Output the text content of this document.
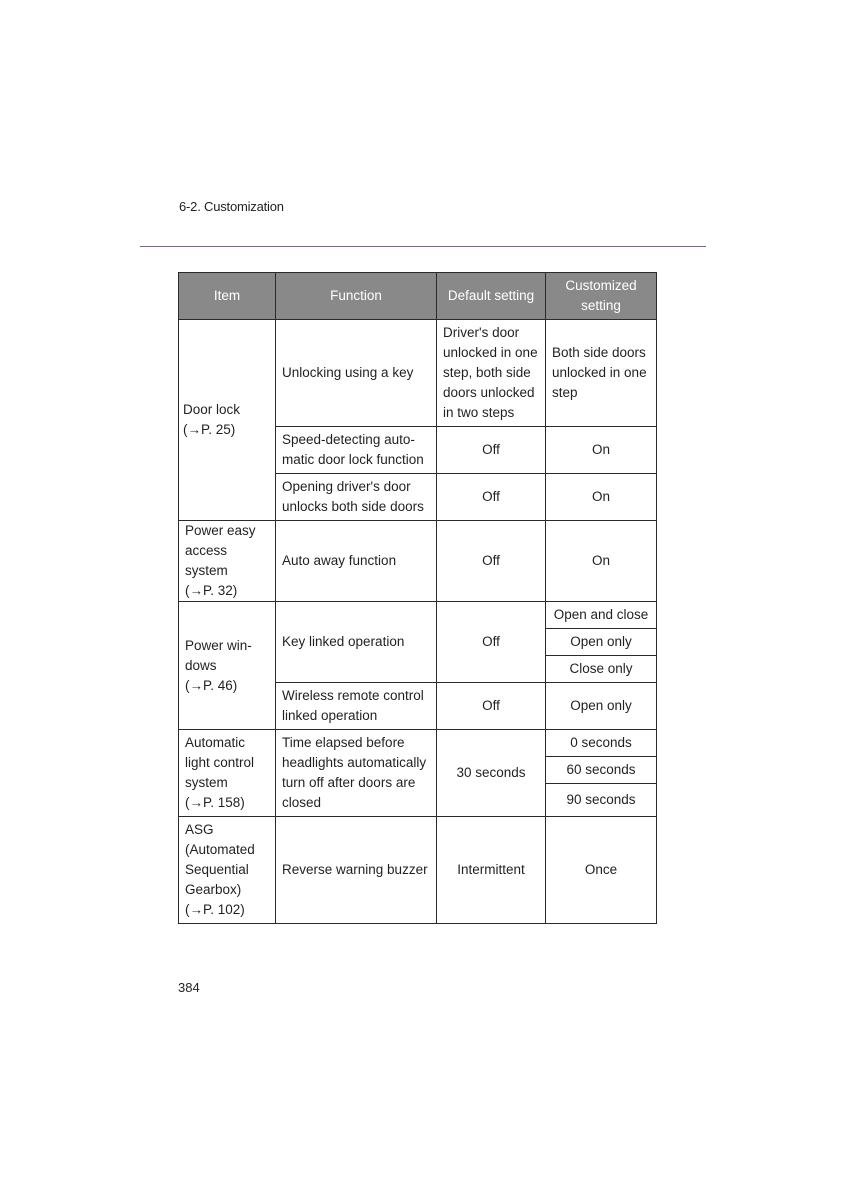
6-2. Customization
Item	Function	Default setting	Customized setting

Door lock
(→P. 25)	Unlocking using a key	Driver's door unlocked in one step, both side doors unlocked in two steps	Both side doors unlocked in one step
	Speed-detecting auto-matic door lock function	Off	On
	Opening driver's door unlocks both side doors	Off	On

Power easy access system
(→P. 32)	Auto away function	Off	On

Power win-dows
(→P. 46)	Key linked operation	Off	Open and close
			Open only
			Close only
	Wireless remote control linked operation	Off	Open only

Automatic light control system
(→P. 158)	Time elapsed before headlights automatically turn off after doors are closed	30 seconds	0 seconds
			60 seconds
			90 seconds

ASG (Automated Sequential Gearbox)
(→P. 102)	Reverse warning buzzer	Intermittent	Once
384
